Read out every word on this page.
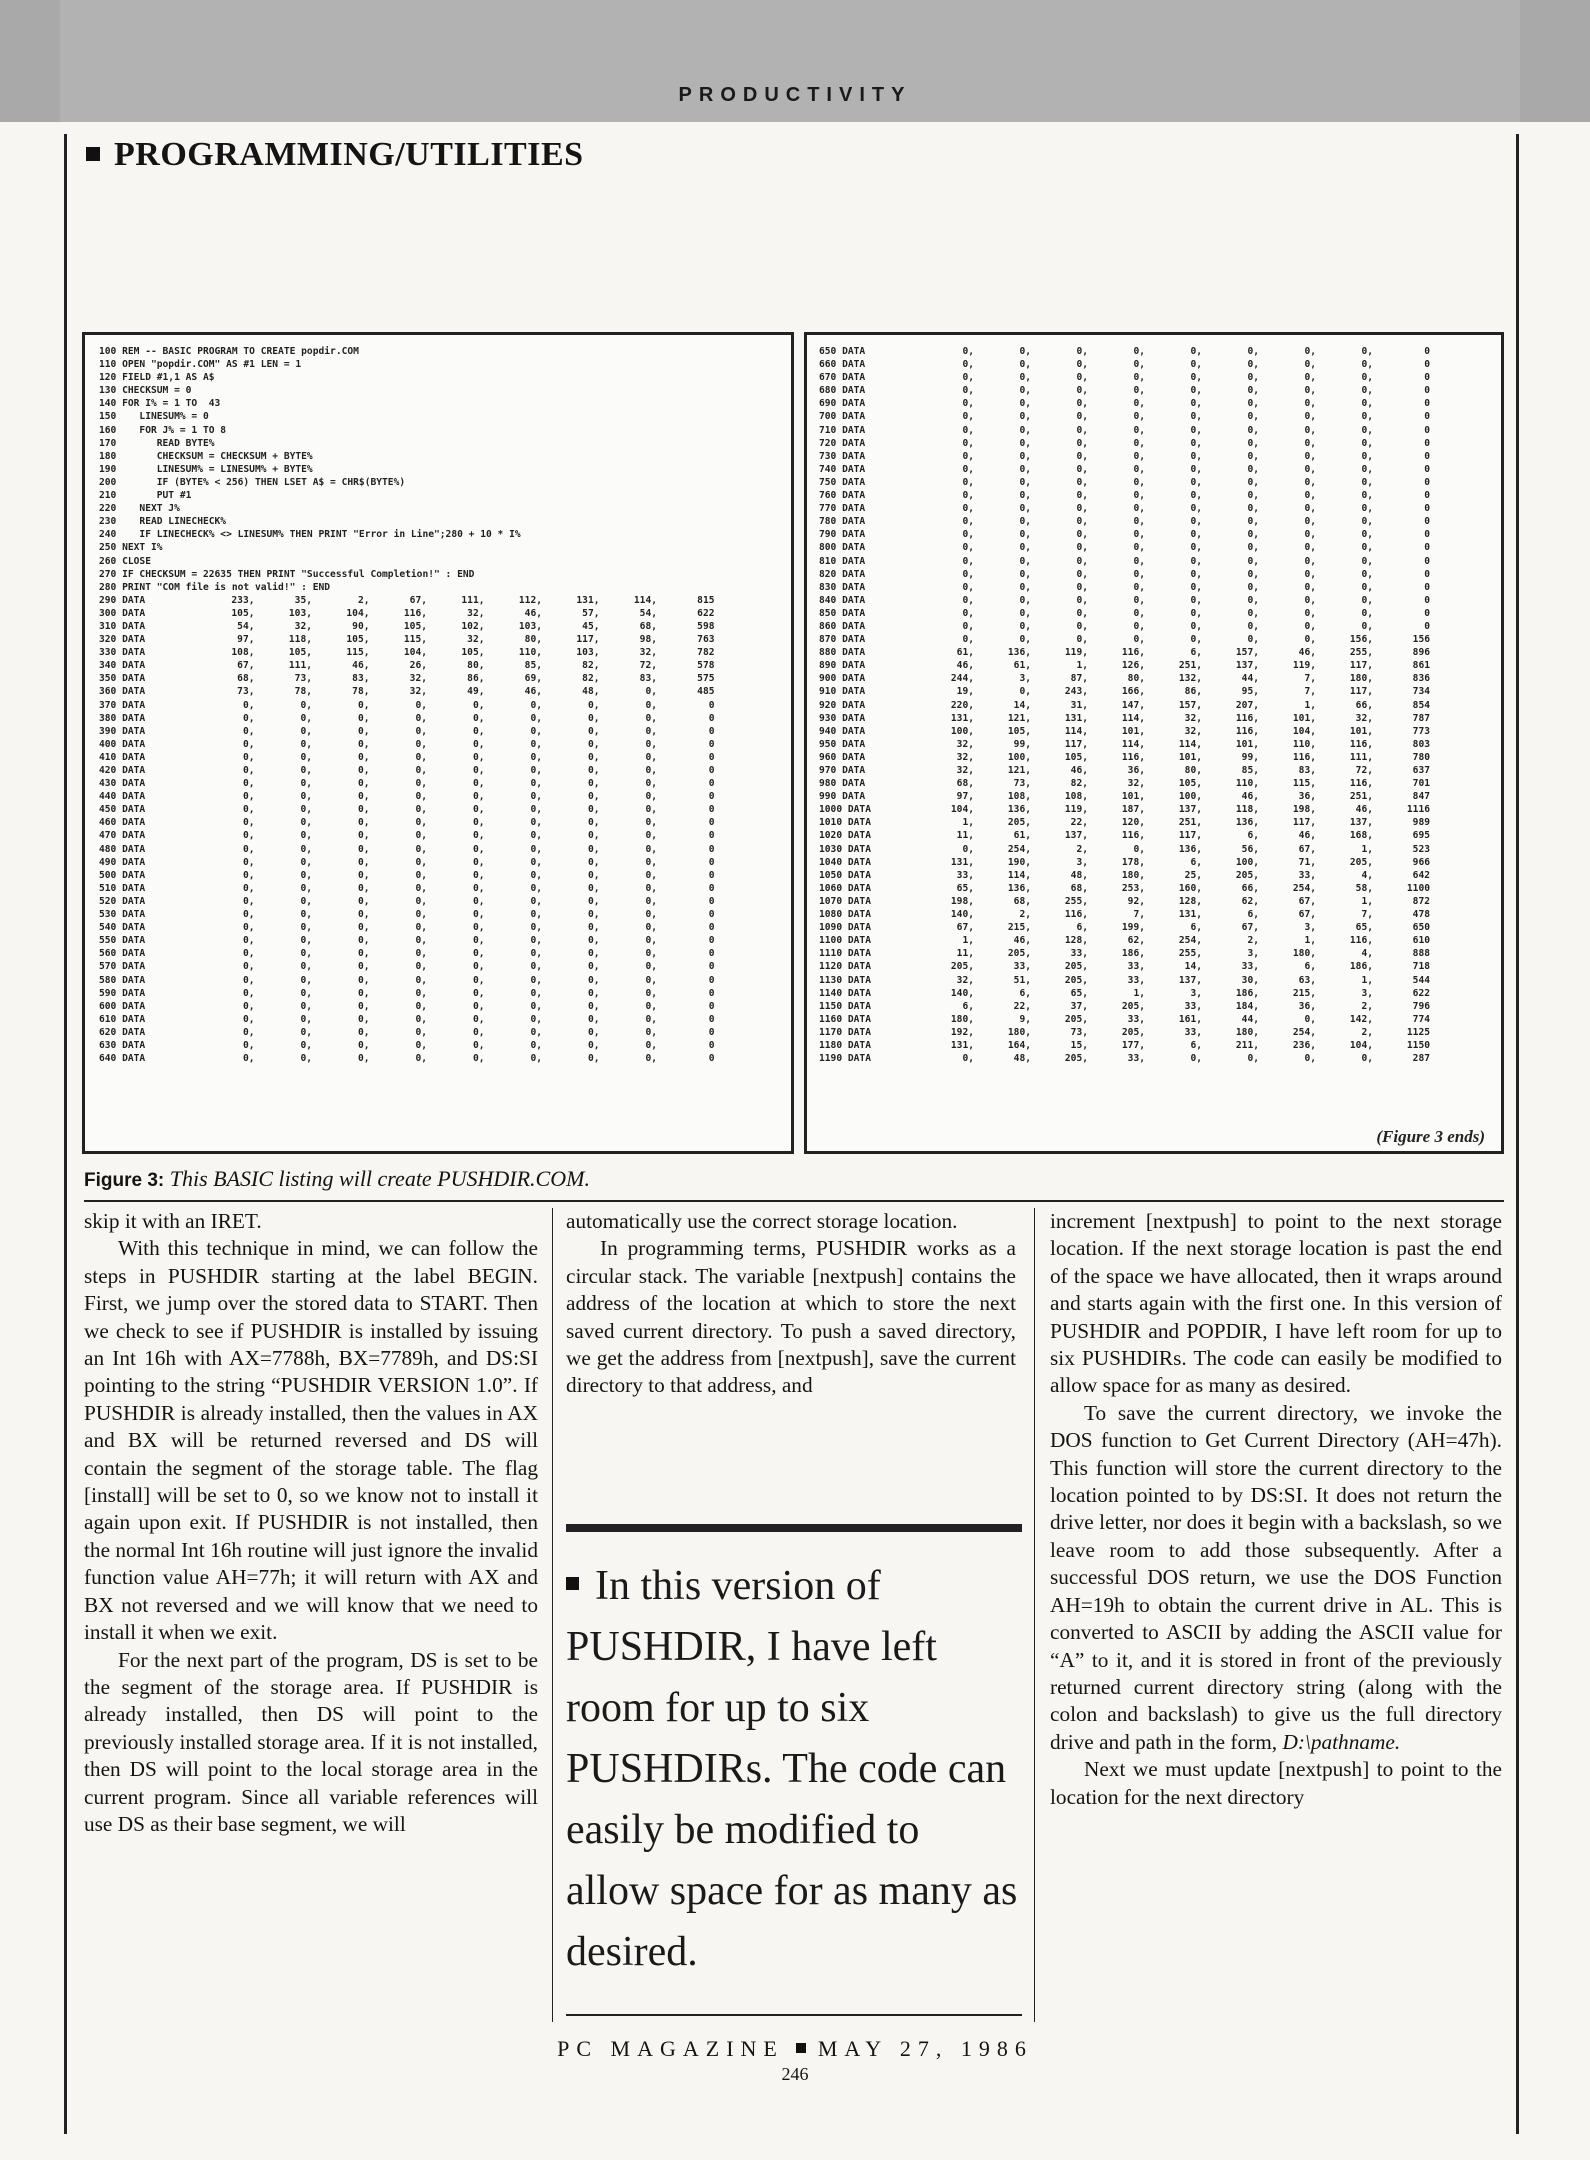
PRODUCTIVITY
PROGRAMMING/UTILITIES
100 REM -- BASIC PROGRAM TO CREATE popdir.COM
110 OPEN "popdir.COM" AS #1 LEN = 1
120 FIELD #1,1 AS A$
130 CHECKSUM = 0
140 FOR I% = 1 TO  43
150    LINESUM% = 0
160    FOR J% = 1 TO 8
170       READ BYTE%
180       CHECKSUM = CHECKSUM + BYTE%
190       LINESUM% = LINESUM% + BYTE%
200       IF (BYTE% < 256) THEN LSET A$ = CHR$(BYTE%)
210       PUT #1
220    NEXT J%
230    READ LINECHECK%
240    IF LINECHECK% <> LINESUM% THEN PRINT "Error in Line";280 + 10 * I%
250 NEXT I%
260 CLOSE
270 IF CHECKSUM = 22635 THEN PRINT "Successful Completion!" : END
280 PRINT "COM file is not valid!" : END
290 DATA	233,	35,	2,	67,	111,	112,	131,	114,	815
300 DATA	105,	103,	104,	116,	32,	46,	57,	54,	622
310 DATA	54,	32,	90,	105,	102,	103,	45,	68,	598
320 DATA	97,	118,	105,	115,	32,	80,	117,	98,	763
330 DATA	108,	105,	115,	104,	105,	110,	103,	32,	782
340 DATA	67,	111,	46,	26,	80,	85,	82,	72,	578
350 DATA	68,	73,	83,	32,	86,	69,	82,	83,	575
360 DATA	73,	78,	78,	32,	49,	46,	48,	0,	485
370 DATA	0,	0,	0,	0,	0,	0,	0,	0,	0
380 DATA	0,	0,	0,	0,	0,	0,	0,	0,	0
390 DATA	0,	0,	0,	0,	0,	0,	0,	0,	0
400 DATA	0,	0,	0,	0,	0,	0,	0,	0,	0
410 DATA	0,	0,	0,	0,	0,	0,	0,	0,	0
420 DATA	0,	0,	0,	0,	0,	0,	0,	0,	0
430 DATA	0,	0,	0,	0,	0,	0,	0,	0,	0
440 DATA	0,	0,	0,	0,	0,	0,	0,	0,	0
450 DATA	0,	0,	0,	0,	0,	0,	0,	0,	0
460 DATA	0,	0,	0,	0,	0,	0,	0,	0,	0
470 DATA	0,	0,	0,	0,	0,	0,	0,	0,	0
480 DATA	0,	0,	0,	0,	0,	0,	0,	0,	0
490 DATA	0,	0,	0,	0,	0,	0,	0,	0,	0
500 DATA	0,	0,	0,	0,	0,	0,	0,	0,	0
510 DATA	0,	0,	0,	0,	0,	0,	0,	0,	0
520 DATA	0,	0,	0,	0,	0,	0,	0,	0,	0
530 DATA	0,	0,	0,	0,	0,	0,	0,	0,	0
540 DATA	0,	0,	0,	0,	0,	0,	0,	0,	0
550 DATA	0,	0,	0,	0,	0,	0,	0,	0,	0
560 DATA	0,	0,	0,	0,	0,	0,	0,	0,	0
570 DATA	0,	0,	0,	0,	0,	0,	0,	0,	0
580 DATA	0,	0,	0,	0,	0,	0,	0,	0,	0
590 DATA	0,	0,	0,	0,	0,	0,	0,	0,	0
600 DATA	0,	0,	0,	0,	0,	0,	0,	0,	0
610 DATA	0,	0,	0,	0,	0,	0,	0,	0,	0
620 DATA	0,	0,	0,	0,	0,	0,	0,	0,	0
630 DATA	0,	0,	0,	0,	0,	0,	0,	0,	0
640 DATA	0,	0,	0,	0,	0,	0,	0,	0,	0
650 DATA	0,	0,	0,	0,	0,	0,	0,	0,	0
660 DATA	0,	0,	0,	0,	0,	0,	0,	0,	0
670 DATA	0,	0,	0,	0,	0,	0,	0,	0,	0
680 DATA	0,	0,	0,	0,	0,	0,	0,	0,	0
690 DATA	0,	0,	0,	0,	0,	0,	0,	0,	0
700 DATA	0,	0,	0,	0,	0,	0,	0,	0,	0
710 DATA	0,	0,	0,	0,	0,	0,	0,	0,	0
720 DATA	0,	0,	0,	0,	0,	0,	0,	0,	0
730 DATA	0,	0,	0,	0,	0,	0,	0,	0,	0
740 DATA	0,	0,	0,	0,	0,	0,	0,	0,	0
750 DATA	0,	0,	0,	0,	0,	0,	0,	0,	0
760 DATA	0,	0,	0,	0,	0,	0,	0,	0,	0
770 DATA	0,	0,	0,	0,	0,	0,	0,	0,	0
780 DATA	0,	0,	0,	0,	0,	0,	0,	0,	0
790 DATA	0,	0,	0,	0,	0,	0,	0,	0,	0
800 DATA	0,	0,	0,	0,	0,	0,	0,	0,	0
810 DATA	0,	0,	0,	0,	0,	0,	0,	0,	0
820 DATA	0,	0,	0,	0,	0,	0,	0,	0,	0
830 DATA	0,	0,	0,	0,	0,	0,	0,	0,	0
840 DATA	0,	0,	0,	0,	0,	0,	0,	0,	0
850 DATA	0,	0,	0,	0,	0,	0,	0,	0,	0
860 DATA	0,	0,	0,	0,	0,	0,	0,	0,	0
870 DATA	0,	0,	0,	0,	0,	0,	0,	156,	156
880 DATA	61,	136,	119,	116,	6,	157,	46,	255,	896
890 DATA	46,	61,	1,	126,	251,	137,	119,	117,	861
900 DATA	244,	3,	87,	80,	132,	44,	7,	180,	836
910 DATA	19,	0,	243,	166,	86,	95,	7,	117,	734
920 DATA	220,	14,	31,	147,	157,	207,	1,	66,	854
930 DATA	131,	121,	131,	114,	32,	116,	101,	32,	787
940 DATA	100,	105,	114,	101,	32,	116,	104,	101,	773
950 DATA	32,	99,	117,	114,	114,	101,	110,	116,	803
960 DATA	32,	100,	105,	116,	101,	99,	116,	111,	780
970 DATA	32,	121,	46,	36,	80,	85,	83,	72,	637
980 DATA	68,	73,	82,	32,	105,	110,	115,	116,	701
990 DATA	97,	108,	108,	101,	100,	46,	36,	251,	847
1000 DATA	104,	136,	119,	187,	137,	118,	198,	46,	1116
1010 DATA	1,	205,	22,	120,	251,	136,	117,	137,	989
1020 DATA	11,	61,	137,	116,	117,	6,	46,	168,	695
1030 DATA	0,	254,	2,	0,	136,	56,	67,	1,	523
1040 DATA	131,	190,	3,	178,	6,	100,	71,	205,	966
1050 DATA	33,	114,	48,	180,	25,	205,	33,	4,	642
1060 DATA	65,	136,	68,	253,	160,	66,	254,	58,	1100
1070 DATA	198,	68,	255,	92,	128,	62,	67,	1,	872
1080 DATA	140,	2,	116,	7,	131,	6,	67,	7,	478
1090 DATA	67,	215,	6,	199,	6,	67,	3,	65,	650
1100 DATA	1,	46,	128,	62,	254,	2,	1,	116,	610
1110 DATA	11,	205,	33,	186,	255,	3,	180,	4,	888
1120 DATA	205,	33,	205,	33,	14,	33,	6,	186,	718
1130 DATA	32,	51,	205,	33,	137,	30,	63,	1,	544
1140 DATA	140,	6,	65,	1,	3,	186,	215,	3,	622
1150 DATA	6,	22,	37,	205,	33,	184,	36,	2,	796
1160 DATA	180,	9,	205,	33,	161,	44,	0,	142,	774
1170 DATA	192,	180,	73,	205,	33,	180,	254,	2,	1125
1180 DATA	131,	164,	15,	177,	6,	211,	236,	104,	1150
1190 DATA	0,	48,	205,	33,	0,	0,	0,	0,	287
(Figure 3 ends)
Figure 3: This BASIC listing will create PUSHDIR.COM.

skip it with an IRET.

With this technique in mind, we can follow the steps in PUSHDIR starting at the label BEGIN. First, we jump over the stored data to START. Then we check to see if PUSHDIR is installed by issuing an Int 16h with AX=7788h, BX=7789h, and DS:SI pointing to the string “PUSHDIR VERSION 1.0”. If PUSHDIR is already installed, then the values in AX and BX will be returned reversed and DS will contain the segment of the storage table. The flag [install] will be set to 0, so we know not to install it again upon exit. If PUSHDIR is not installed, then the normal Int 16h routine will just ignore the invalid function value AH=77h; it will return with AX and BX not reversed and we will know that we need to install it when we exit.

For the next part of the program, DS is set to be the segment of the storage area. If PUSHDIR is already installed, then DS will point to the previously installed storage area. If it is not installed, then DS will point to the local storage area in the current program. Since all variable references will use DS as their base segment, we will

automatically use the correct storage location.

In programming terms, PUSHDIR works as a circular stack. The variable [nextpush] contains the address of the location at which to store the next saved current directory. To push a saved directory, we get the address from [nextpush], save the current directory to that address, and

In this version of PUSHDIR, I have left room for up to six PUSHDIRs. The code can easily be modified to allow space for as many as desired.

increment [nextpush] to point to the next storage location. If the next storage location is past the end of the space we have allocated, then it wraps around and starts again with the first one. In this version of PUSHDIR and POPDIR, I have left room for up to six PUSHDIRs. The code can easily be modified to allow space for as many as desired.

To save the current directory, we invoke the DOS function to Get Current Directory (AH=47h). This function will store the current directory to the location pointed to by DS:SI. It does not return the drive letter, nor does it begin with a backslash, so we leave room to add those subsequently. After a successful DOS return, we use the DOS Function AH=19h to obtain the current drive in AL. This is converted to ASCII by adding the ASCII value for “A” to it, and it is stored in front of the previously returned current directory string (along with the colon and backslash) to give us the full directory drive and path in the form, D:\pathname.

Next we must update [nextpush] to point to the location for the next directory

PC MAGAZINE MAY 27, 1986
246
